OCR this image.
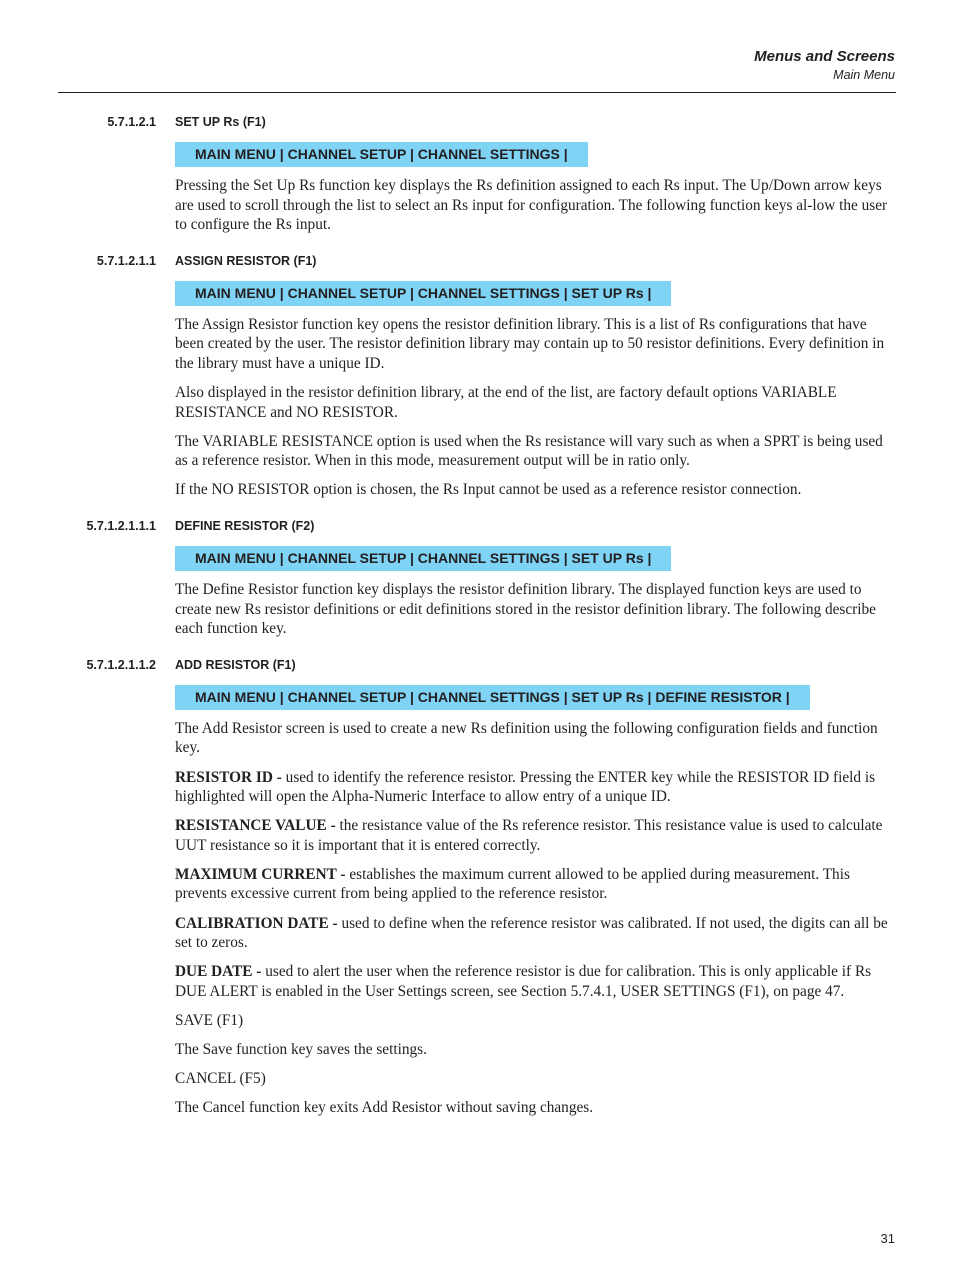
Menus and Screens
Main Menu
5.7.1.2.1 SET UP Rs (F1)
MAIN MENU | CHANNEL SETUP | CHANNEL SETTINGS |

Pressing the Set Up Rs function key displays the Rs definition assigned to each Rs input. The Up/Down arrow keys are used to scroll through the list to select an Rs input for configuration. The following function keys al-low the user to configure the Rs input.

5.7.1.2.1.1 ASSIGN RESISTOR (F1)
MAIN MENU | CHANNEL SETUP | CHANNEL SETTINGS | SET UP Rs |

The Assign Resistor function key opens the resistor definition library. This is a list of Rs configurations that have been created by the user. The resistor definition library may contain up to 50 resistor definitions. Every definition in the library must have a unique ID.

Also displayed in the resistor definition library, at the end of the list, are factory default options VARIABLE RESISTANCE and NO RESISTOR.

The VARIABLE RESISTANCE option is used when the Rs resistance will vary such as when a SPRT is being used as a reference resistor. When in this mode, measurement output will be in ratio only.

If the NO RESISTOR option is chosen, the Rs Input cannot be used as a reference resistor connection.

5.7.1.2.1.1.1 DEFINE RESISTOR (F2)
MAIN MENU | CHANNEL SETUP | CHANNEL SETTINGS | SET UP Rs |

The Define Resistor function key displays the resistor definition library. The displayed function keys are used to create new Rs resistor definitions or edit definitions stored in the resistor definition library. The following describe each function key.

5.7.1.2.1.1.2 ADD RESISTOR (F1)
MAIN MENU | CHANNEL SETUP | CHANNEL SETTINGS | SET UP Rs | DEFINE RESISTOR |

The Add Resistor screen is used to create a new Rs definition using the following configuration fields and function key.

RESISTOR ID - used to identify the reference resistor. Pressing the ENTER key while the RESISTOR ID field is highlighted will open the Alpha-Numeric Interface to allow entry of a unique ID.

RESISTANCE VALUE - the resistance value of the Rs reference resistor. This resistance value is used to calculate UUT resistance so it is important that it is entered correctly.

MAXIMUM CURRENT - establishes the maximum current allowed to be applied during measurement. This prevents excessive current from being applied to the reference resistor.

CALIBRATION DATE - used to define when the reference resistor was calibrated. If not used, the digits can all be set to zeros.

DUE DATE - used to alert the user when the reference resistor is due for calibration. This is only applicable if Rs DUE ALERT is enabled in the User Settings screen, see Section 5.7.4.1, USER SETTINGS (F1), on page 47.

SAVE (F1)

The Save function key saves the settings.

CANCEL (F5)

The Cancel function key exits Add Resistor without saving changes.

31
